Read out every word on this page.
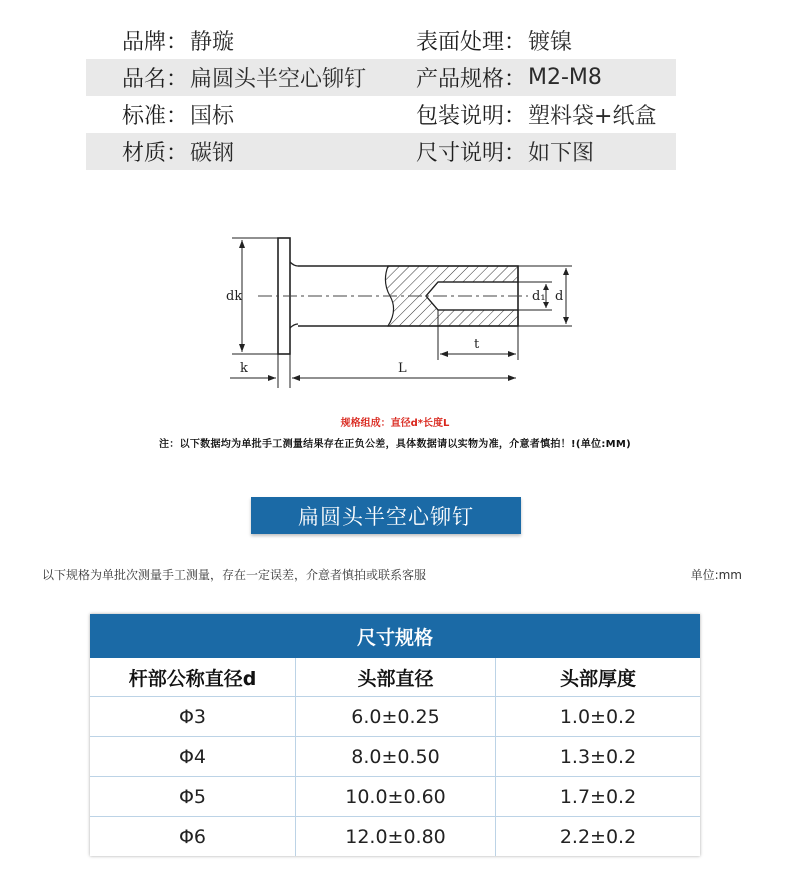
品牌： 静璇	表面处理： 镀镍
品名： 扁圆头半空心铆钉 产品规格： M2-M8
标准： 国标	包装说明： 塑料袋+纸盒
材质： 碳钢	尺寸说明： 如下图
dk	d₁ d
t
k	L
规格组成：直径d*长度L
注：以下数据均为单批手工测量结果存在正负公差，具体数据请以实物为准，介意者慎拍！!(单位:MM)
扁圆头半空心铆钉
以下规格为单批次测量手工测量，存在一定误差，介意者慎拍或联系客服	单位:mm
尺寸规格
杆部公称直径d	头部直径	头部厚度
Φ3	6.0±0.25	1.0±0.2
Φ4	8.0±0.50	1.3±0.2
Φ5	10.0±0.60	1.7±0.2
Φ6	12.0±0.80	2.2±0.2
